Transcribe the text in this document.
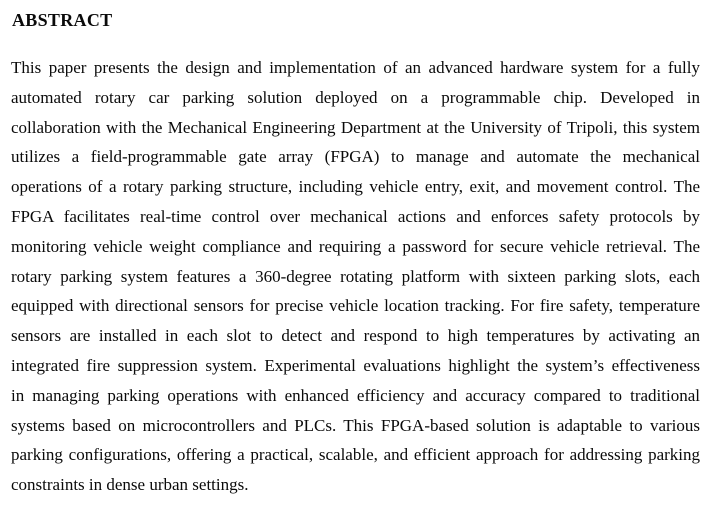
ABSTRACT
This paper presents the design and implementation of an advanced hardware system for a fully
automated rotary car parking solution deployed on a programmable chip. Developed in
collaboration with the Mechanical Engineering Department at the University of Tripoli, this system
utilizes a field-programmable gate array (FPGA) to manage and automate the mechanical
operations of a rotary parking structure, including vehicle entry, exit, and movement control. The
FPGA facilitates real-time control over mechanical actions and enforces safety protocols by
monitoring vehicle weight compliance and requiring a password for secure vehicle retrieval. The
rotary parking system features a 360-degree rotating platform with sixteen parking slots, each
equipped with directional sensors for precise vehicle location tracking. For fire safety, temperature
sensors are installed in each slot to detect and respond to high temperatures by activating an
integrated fire suppression system. Experimental evaluations highlight the system’s effectiveness
in managing parking operations with enhanced efficiency and accuracy compared to traditional
systems based on microcontrollers and PLCs. This FPGA-based solution is adaptable to various
parking configurations, offering a practical, scalable, and efficient approach for addressing parking
constraints in dense urban settings.
